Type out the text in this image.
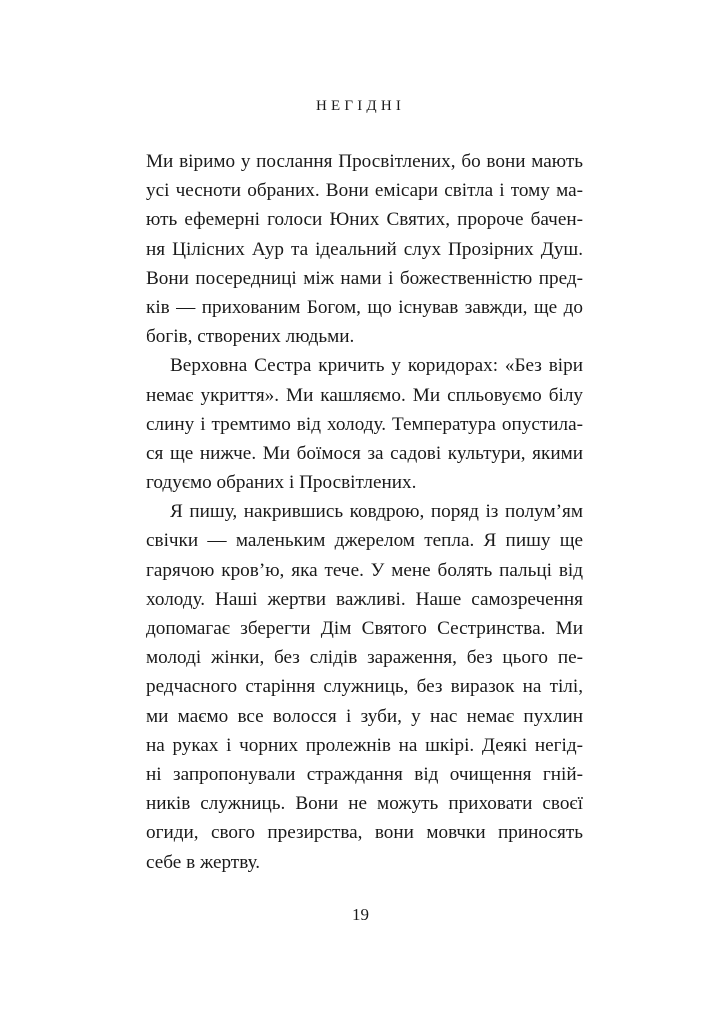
НЕГІДНІ
Ми віримо у послання Просвітлених, бо вони мають
усі чесноти обраних. Вони емісари світла і тому ма-
ють ефемерні голоси Юних Святих, пророче бачен-
ня Цілісних Аур та ідеальний слух Прозірних Душ.
Вони посередниці між нами і божественністю пред-
ків — прихованим Богом, що існував завжди, ще до
богів, створених людьми.
Верховна Сестра кричить у коридорах: «Без віри
немає укриття». Ми кашляємо. Ми спльовуємо білу
слину і тремтимо від холоду. Температура опустила-
ся ще нижче. Ми боїмося за садові культури, якими
годуємо обраних і Просвітлених.
Я пишу, накрившись ковдрою, поряд із полум’ям
свічки — маленьким джерелом тепла. Я пишу ще
гарячою кров’ю, яка тече. У мене болять пальці від
холоду. Наші жертви важливі. Наше самозречення
допомагає зберегти Дім Святого Сестринства. Ми
молоді жінки, без слідів зараження, без цього пе-
редчасного старіння служниць, без виразок на тілі,
ми маємо все волосся і зуби, у нас немає пухлин
на руках і чорних пролежнів на шкірі. Деякі негід-
ні запропонували страждання від очищення гній-
ників служниць. Вони не можуть приховати своєї
огиди, свого презирства, вони мовчки приносять
себе в жертву.
19
